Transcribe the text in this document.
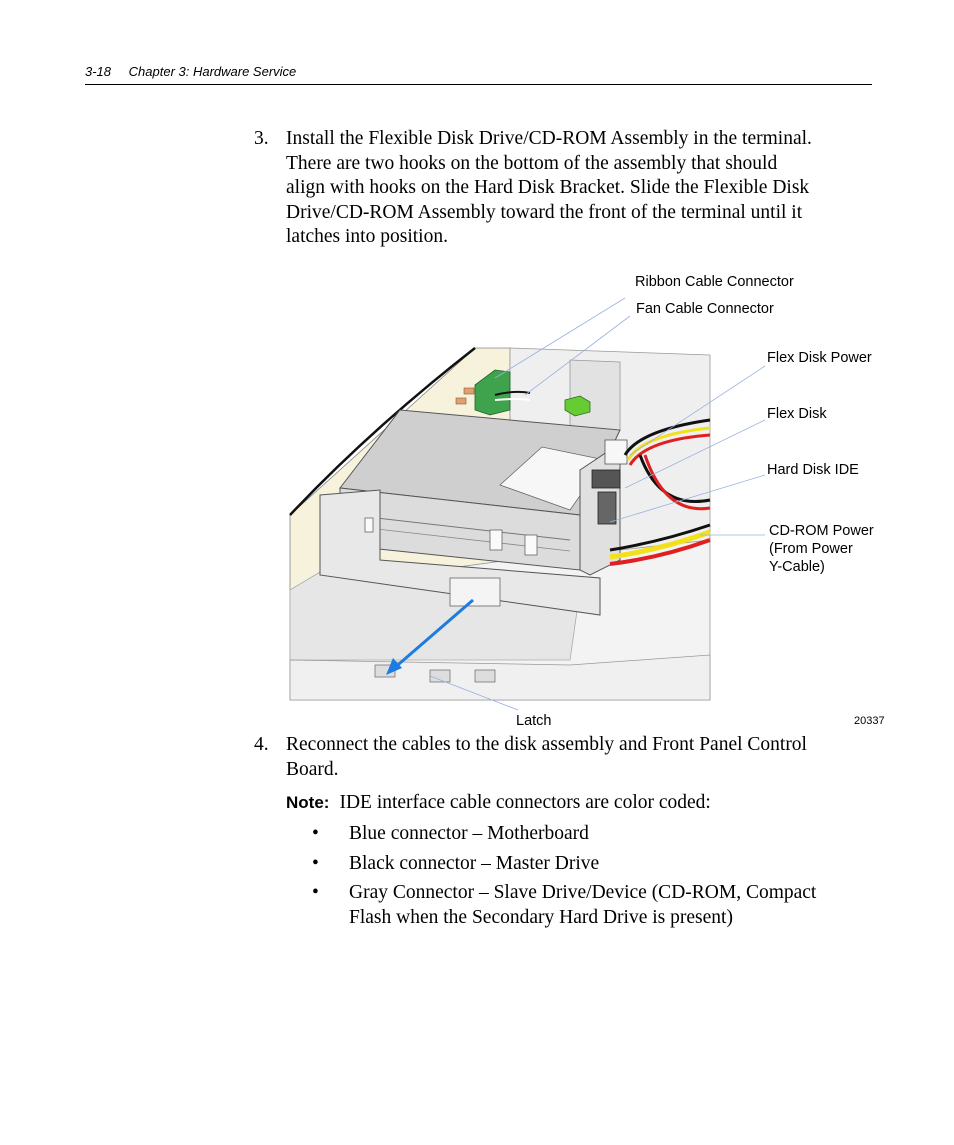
3-18 Chapter 3: Hardware Service
3. Install the Flexible Disk Drive/CD-ROM Assembly in the terminal.
There are two hooks on the bottom of the assembly that should
align with hooks on the Hard Disk Bracket. Slide the Flexible Disk
Drive/CD-ROM Assembly toward the front of the terminal until it
latches into position.
Ribbon Cable Connector
Fan Cable Connector
Flex Disk Power
Flex Disk
Hard Disk IDE
CD-ROM Power
(From Power
Y-Cable)
Latch	20337
4. Reconnect the cables to the disk assembly and Front Panel Control
Board.
Note: IDE interface cable connectors are color coded:
• Blue connector – Motherboard
• Black connector – Master Drive
• Gray Connector – Slave Drive/Device (CD-ROM, Compact
Flash when the Secondary Hard Drive is present)
